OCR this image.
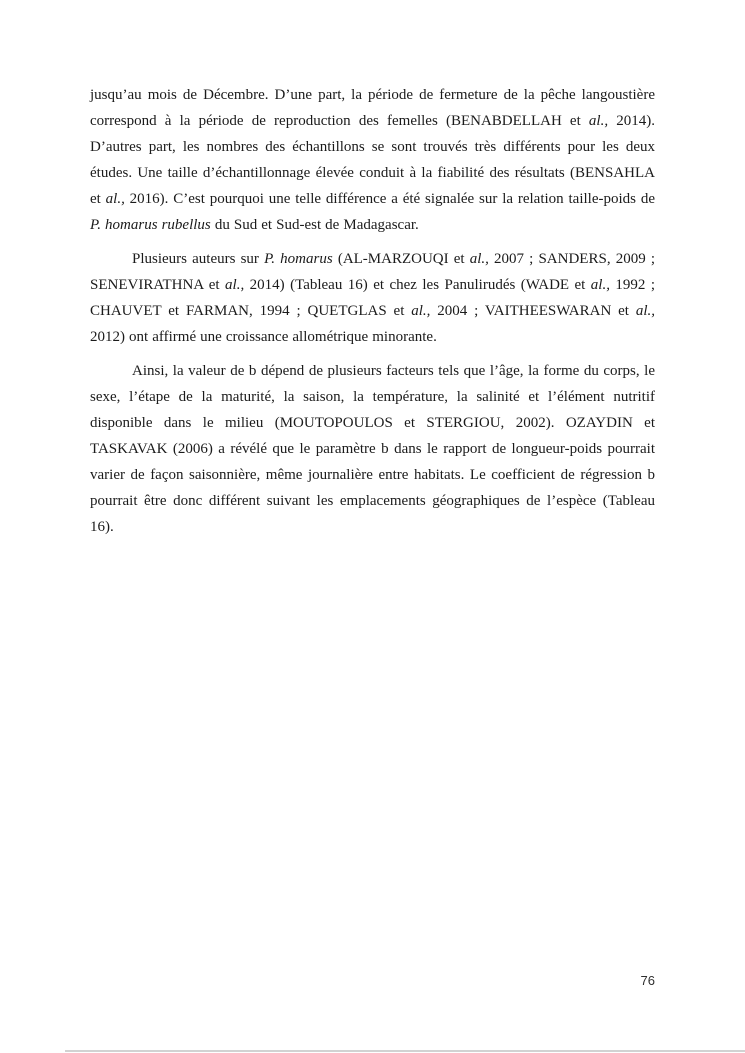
jusqu’au mois de Décembre. D’une part, la période de fermeture de la pêche langoustière correspond à la période de reproduction des femelles (BENABDELLAH et al., 2014). D’autres part, les nombres des échantillons se sont trouvés très différents pour les deux études. Une taille d’échantillonnage élevée conduit à la fiabilité des résultats (BENSAHLA et al., 2016). C’est pourquoi une telle différence a été signalée sur la relation taille-poids de P. homarus rubellus du Sud et Sud-est de Madagascar.

Plusieurs auteurs sur P. homarus (AL-MARZOUQI et al., 2007 ; SANDERS, 2009 ; SENEVIRATHNA et al., 2014) (Tableau 16) et chez les Panulirudés (WADE et al., 1992 ; CHAUVET et FARMAN, 1994 ; QUETGLAS et al., 2004 ; VAITHEESWARAN et al., 2012) ont affirmé une croissance allométrique minorante.

Ainsi, la valeur de b dépend de plusieurs facteurs tels que l’âge, la forme du corps, le sexe, l’étape de la maturité, la saison, la température, la salinité et l’élément nutritif disponible dans le milieu (MOUTOPOULOS et STERGIOU, 2002). OZAYDIN et TASKAVAK (2006) a révélé que le paramètre b dans le rapport de longueur-poids pourrait varier de façon saisonnière, même journalière entre habitats. Le coefficient de régression b pourrait être donc différent suivant les emplacements géographiques de l’espèce (Tableau 16).

76
